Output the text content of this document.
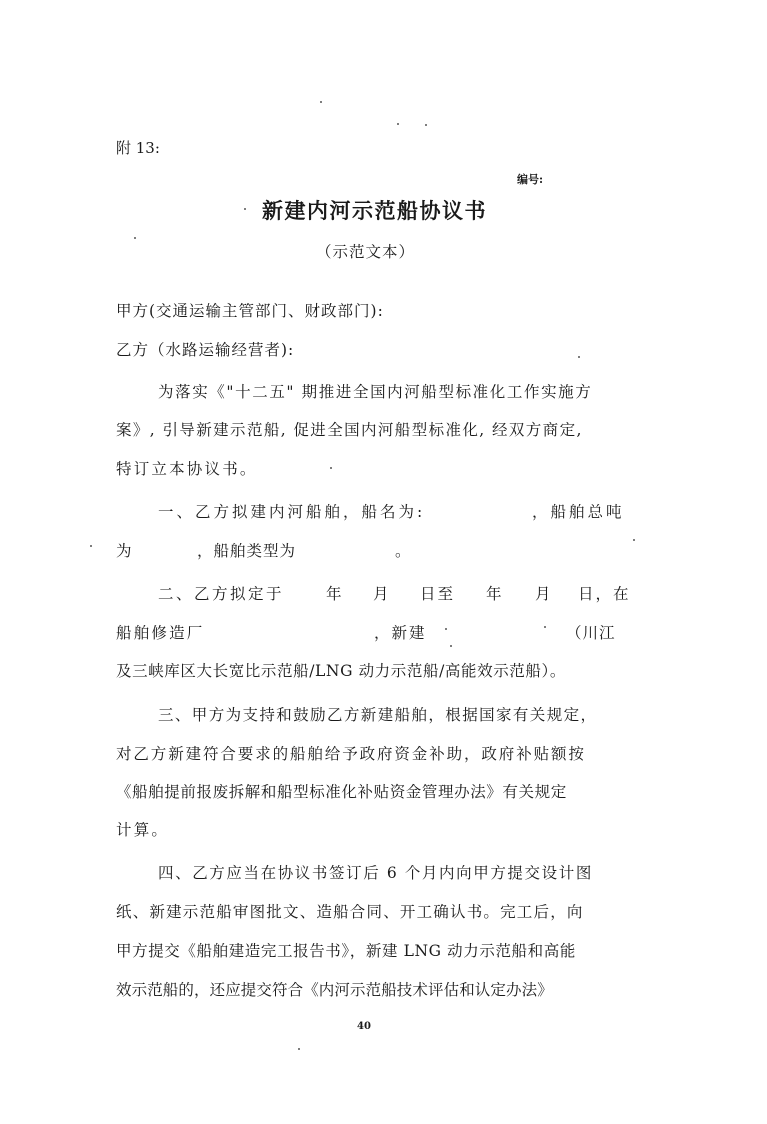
附 13:
编号:
新建内河示范船协议书
（示范文本）
甲方(交通运输主管部门、财政部门):
乙方（水路运输经营者):
为落实《"十二五" 期推进全国内河船型标准化工作实施方
案》, 引导新建示范船, 促进全国内河船型标准化, 经双方商定,
特订立本协议书。
一、乙方拟建内河船舶，船名为:	，船舶总吨
为	，船舶类型为	。
二、乙方拟定于	年 月 日至 年 月 日，在
船舶修造厂	，新建	（川江
及三峡库区大长宽比示范船/LNG 动力示范船/高能效示范船）。
三、甲方为支持和鼓励乙方新建船舶，根据国家有关规定，
对乙方新建符合要求的船舶给予政府资金补助，政府补贴额按
《船舶提前报废拆解和船型标准化补贴资金管理办法》有关规定
计算。
四、乙方应当在协议书签订后 6 个月内向甲方提交设计图
纸、新建示范船审图批文、造船合同、开工确认书。完工后，向
甲方提交《船舶建造完工报告书》，新建 LNG 动力示范船和高能
效示范船的，还应提交符合《内河示范船技术评估和认定办法》
40
